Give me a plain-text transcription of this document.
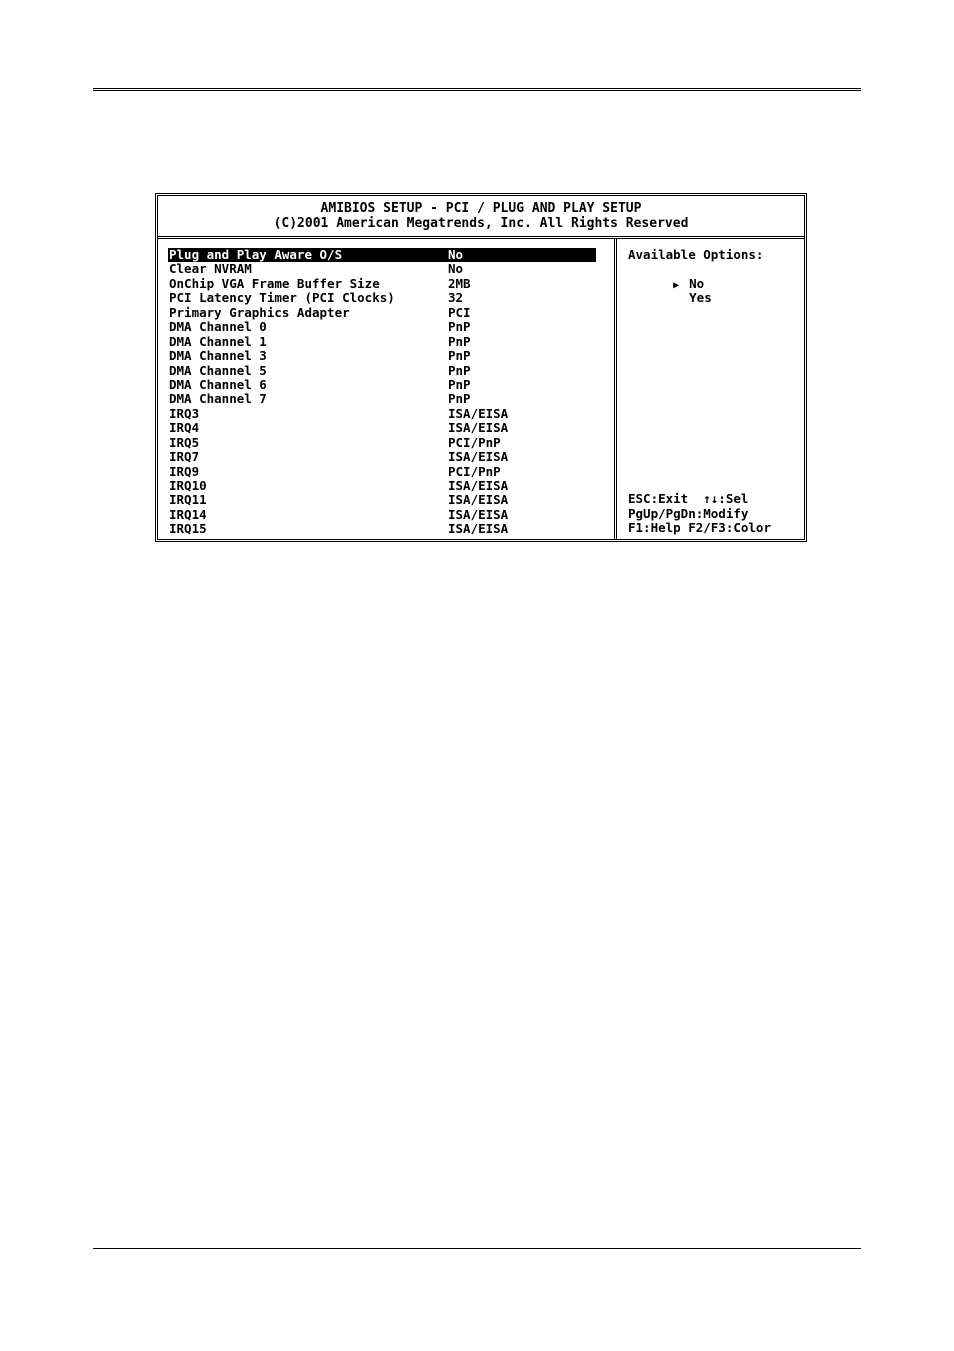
AMIBIOS SETUP - PCI / PLUG AND PLAY SETUP
(C)2001 American Megatrends, Inc. All Rights Reserved

Plug and Play Aware O/S

	No

Clear NVRAM

	No

OnChip VGA Frame Buffer Size

	2MB

PCI Latency Timer (PCI Clocks)

	32

Primary Graphics Adapter

	PCI

DMA Channel 0

	PnP

DMA Channel 1

	PnP

DMA Channel 3

	PnP

DMA Channel 5

	PnP

DMA Channel 6

	PnP

DMA Channel 7

	PnP

IRQ3

	ISA/EISA

IRQ4

	ISA/EISA

IRQ5

	PCI/PnP

IRQ7

	ISA/EISA

IRQ9

	PCI/PnP

IRQ10

	ISA/EISA

IRQ11

	ISA/EISA

IRQ14

	ISA/EISA

IRQ15

	ISA/EISA

Available Options:

▶ No

Yes

ESC:Exit  ↑↓:Sel
PgUp/PgDn:Modify
F1:Help F2/F3:Color
